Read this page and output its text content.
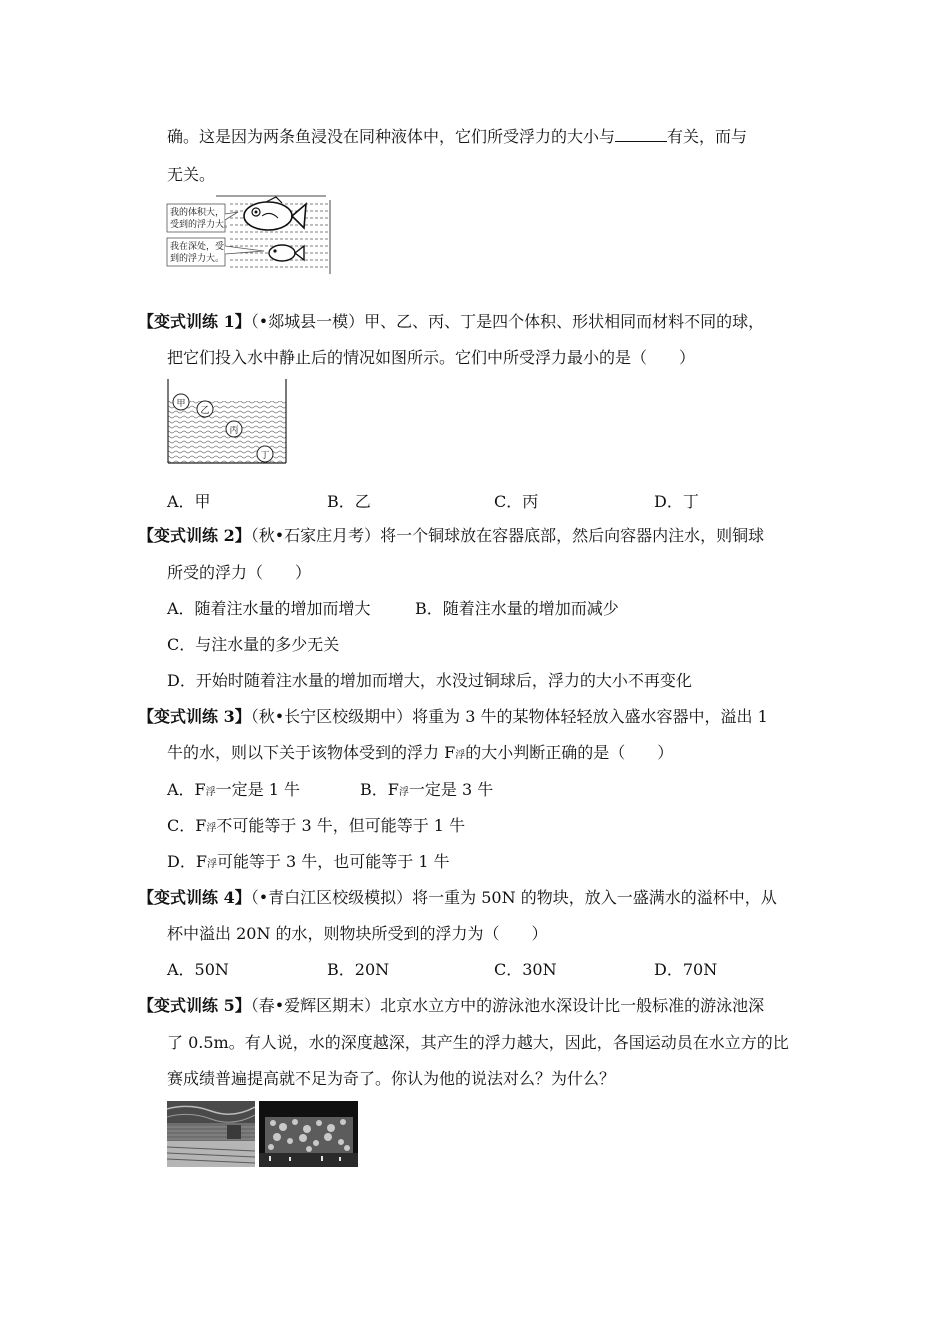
确。这是因为两条鱼浸没在同种液体中，它们所受浮力的大小与	有关，而与
无关。
我的体积大，
受到的浮力大。
我在深处，受
到的浮力大。
【变式训练 1】（•郯城县一模）甲、乙、丙、丁是四个体积、形状相同而材料不同的球，
把它们投入水中静止后的情况如图所示。它们中所受浮力最小的是（　　）
甲
乙
丙
丁
A．甲	B．乙	C．丙	D．丁
【变式训练 2】（秋•石家庄月考）将一个铜球放在容器底部，然后向容器内注水，则铜球
所受的浮力（　　）
A．随着注水量的增加而增大	B．随着注水量的增加而减少
C．与注水量的多少无关
D．开始时随着注水量的增加而增大，水没过铜球后，浮力的大小不再变化
【变式训练 3】（秋•长宁区校级期中）将重为 3 牛的某物体轻轻放入盛水容器中，溢出 1
牛的水，则以下关于该物体受到的浮力 F浮的大小判断正确的是（　　）
A．F浮一定是 1 牛	B．F浮一定是 3 牛
C．F浮不可能等于 3 牛，但可能等于 1 牛
D．F浮可能等于 3 牛，也可能等于 1 牛
【变式训练 4】（•青白江区校级模拟）将一重为 50N 的物块，放入一盛满水的溢杯中，从
杯中溢出 20N 的水，则物块所受到的浮力为（　　）
A．50N	B．20N	C．30N	D．70N
【变式训练 5】（春•爱辉区期末）北京水立方中的游泳池水深设计比一般标准的游泳池深
了 0.5m。有人说，水的深度越深，其产生的浮力越大，因此，各国运动员在水立方的比
赛成绩普遍提高就不足为奇了。你认为他的说法对么？为什么？
